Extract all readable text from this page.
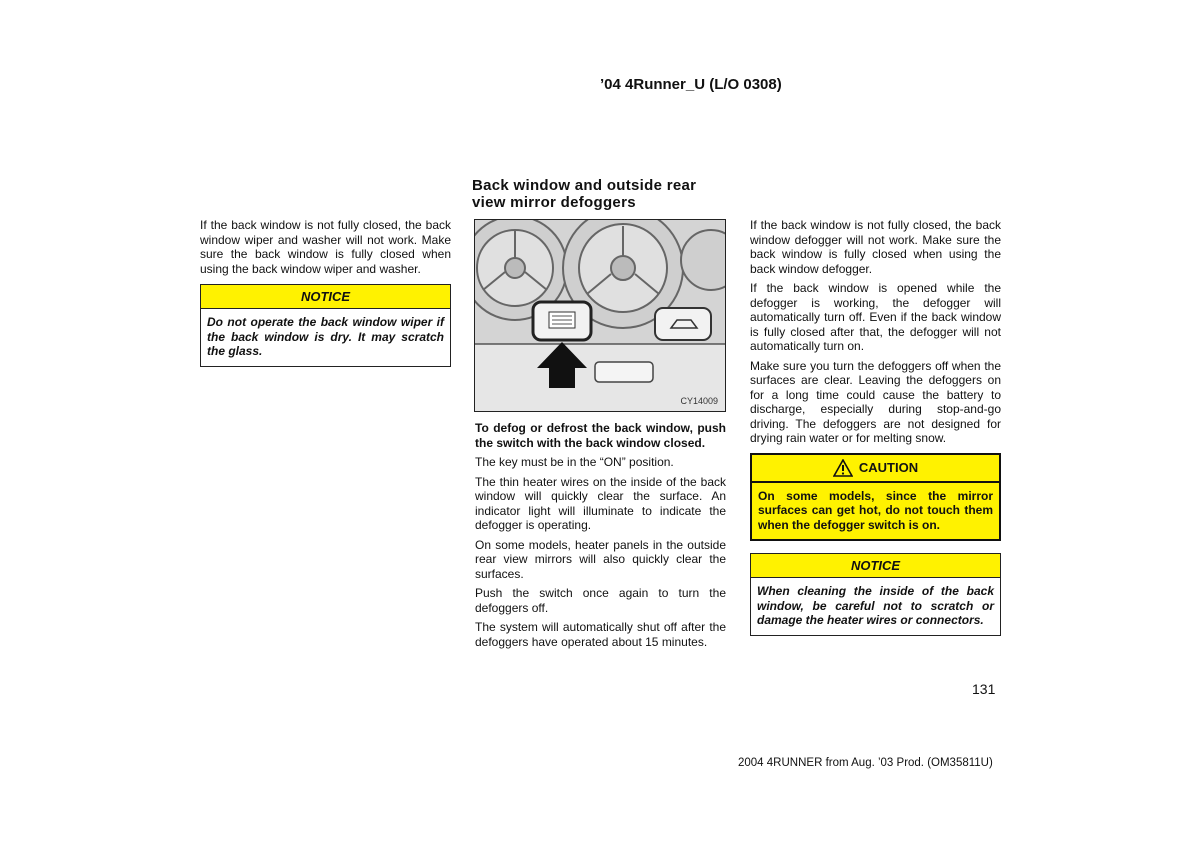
’04 4Runner_U (L/O 0308)
Back window and outside rear
view mirror defoggers

If the back window is not fully closed, the back window wiper and washer will not work. Make sure the back window is fully closed when using the back window wiper and washer.

NOTICE
Do not operate the back window wiper if the back window is dry. It may scratch the glass.
CY14009

To defog or defrost the back window, push the switch with the back window closed.

The key must be in the “ON” position.

The thin heater wires on the inside of the back window will quickly clear the surface. An indicator light will illuminate to indicate the defogger is operating.

On some models, heater panels in the outside rear view mirrors will also quickly clear the surfaces.

Push the switch once again to turn the defoggers off.

The system will automatically shut off after the defoggers have operated about 15 minutes.

If the back window is not fully closed, the back window defogger will not work. Make sure the back window is fully closed when using the back window defogger.

If the back window is opened while the defogger is working, the defogger will automatically turn off. Even if the back window is fully closed after that, the defogger will not automatically turn on.

Make sure you turn the defoggers off when the surfaces are clear. Leaving the defoggers on for a long time could cause the battery to discharge, especially during stop-and-go driving. The defoggers are not designed for drying rain water or for melting snow.

CAUTION
On some models, since the mirror surfaces can get hot, do not touch them when the defogger switch is on.
NOTICE
When cleaning the inside of the back window, be careful not to scratch or damage the heater wires or connectors.
131
2004 4RUNNER from Aug. ’03 Prod. (OM35811U)
